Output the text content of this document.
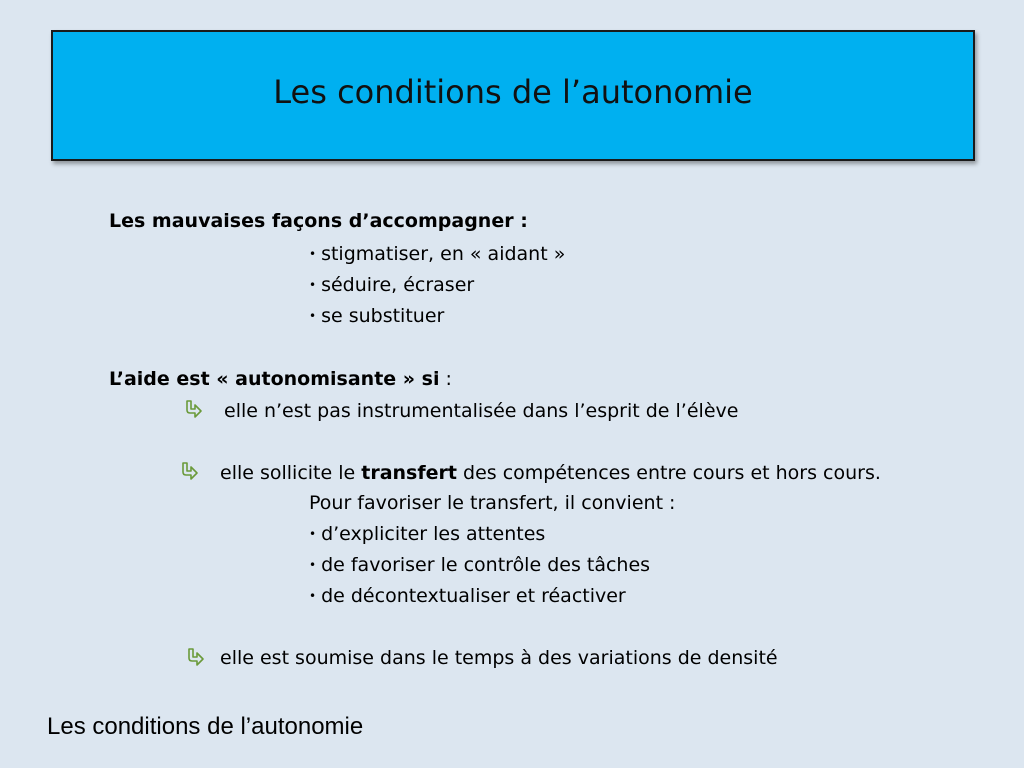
Les conditions de l’autonomie
Les mauvaises façons d’accompagner :
• stigmatiser, en « aidant »
• séduire, écraser
• se substituer
L’aide est « autonomisante » si :
elle n’est pas instrumentalisée dans l’esprit de l’élève
elle sollicite le transfert des compétences entre cours et hors cours.
Pour favoriser le transfert, il convient :
• d’expliciter les attentes
• de favoriser le contrôle des tâches
• de décontextualiser et réactiver
elle est soumise dans le temps à des variations de densité
Les conditions de l’autonomie
